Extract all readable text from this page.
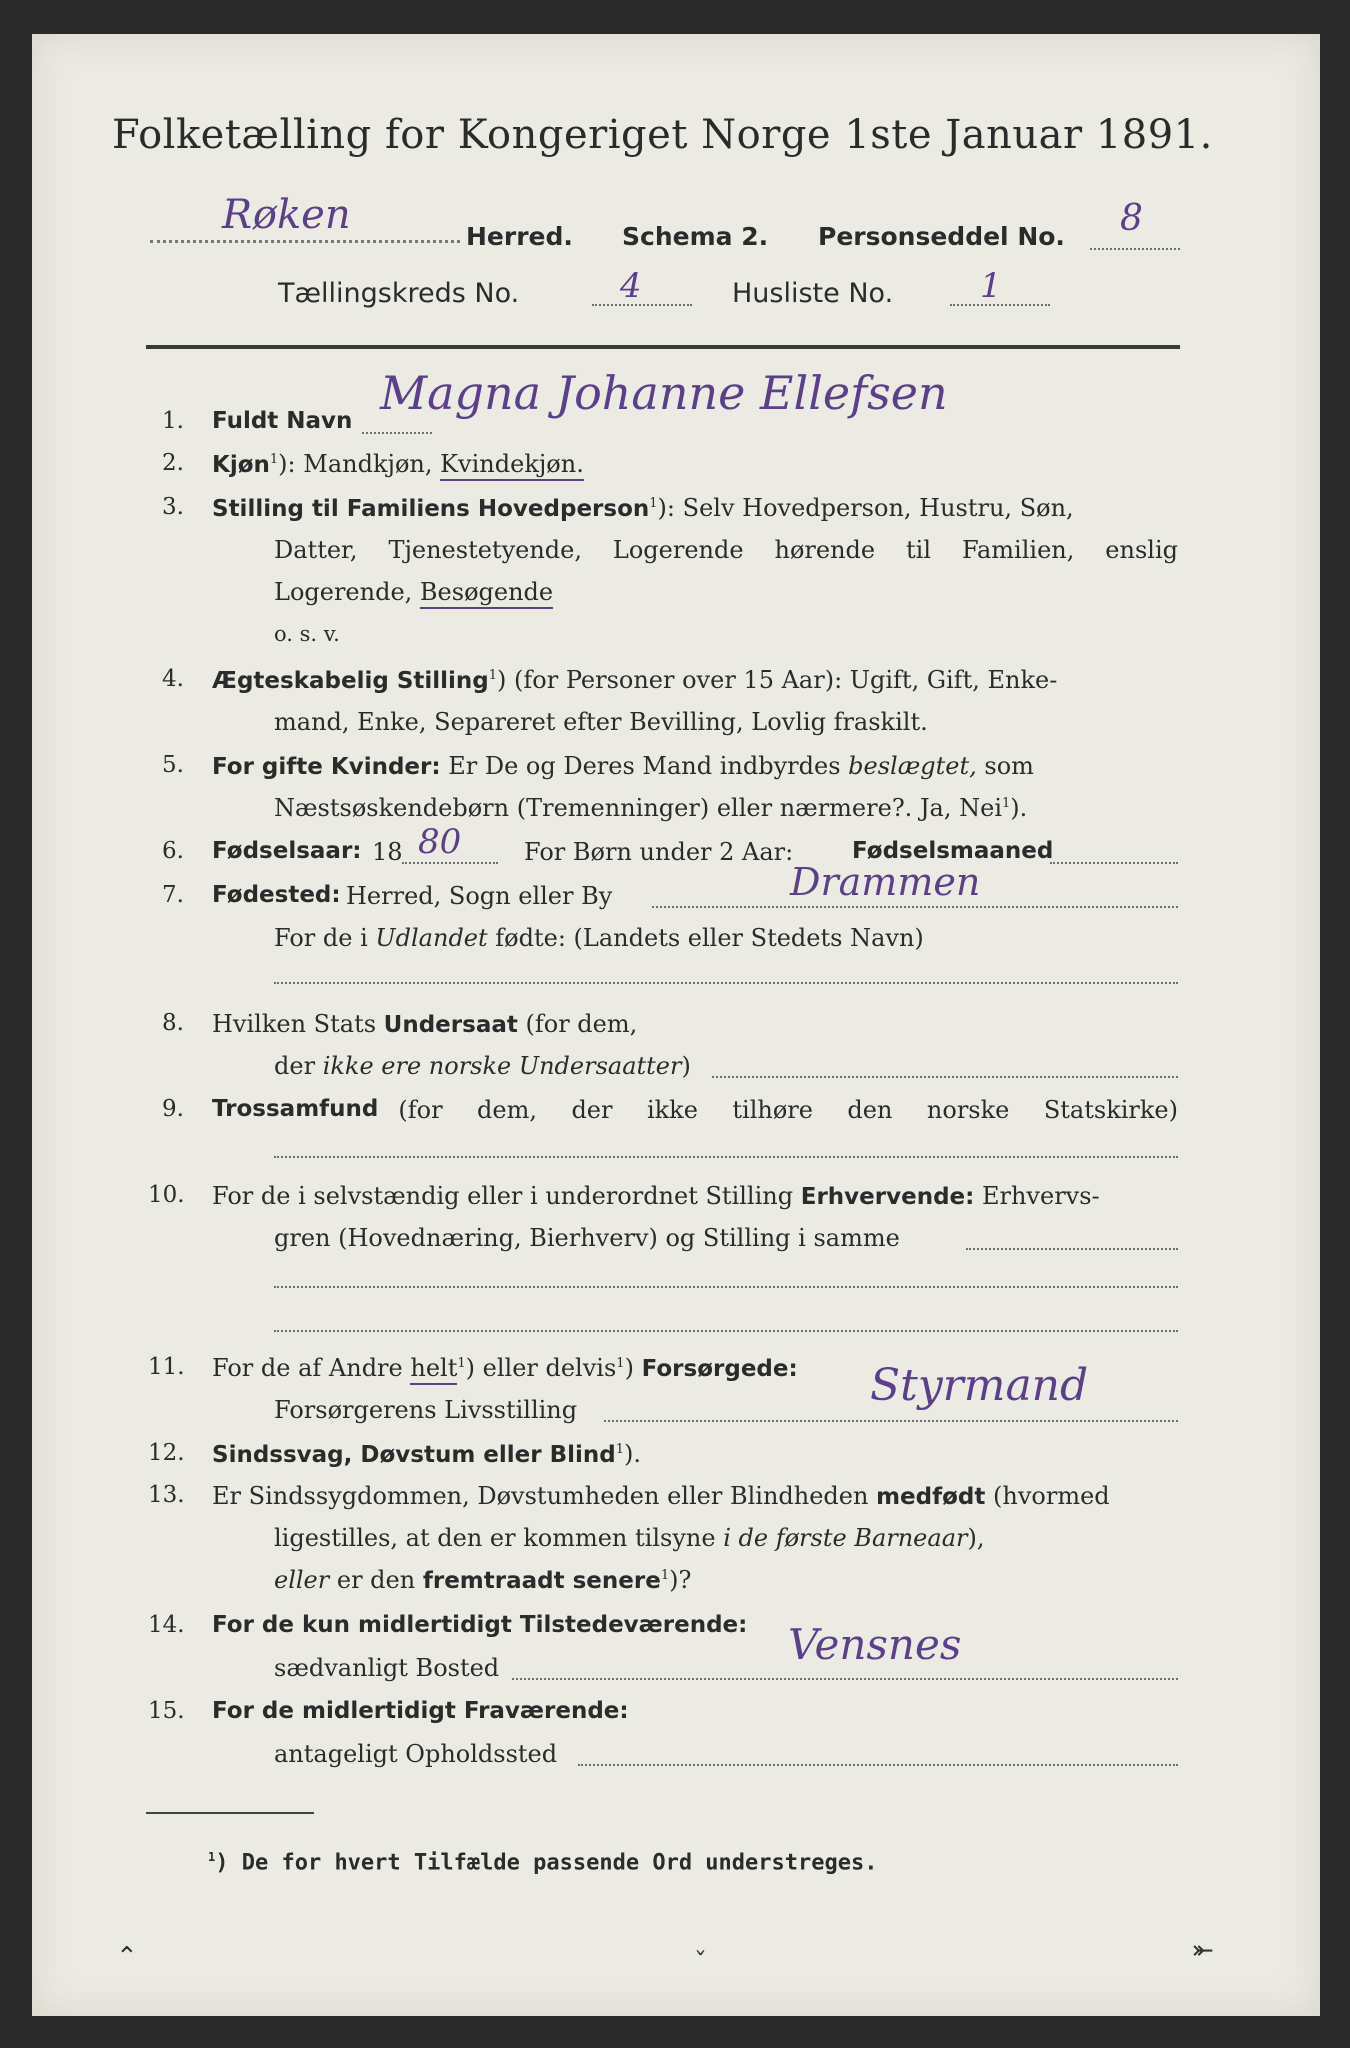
Folketælling for Kongeriget Norge 1ste Januar 1891.
Røken	Herred. Schema 2. Personseddel No. 8
Tællingskreds No.	4	Husliste No.	1
1. Fuldt Navn
Magna Johanne Ellefsen
2. Kjøn$^1$): Mandkjøn, Kvindekjøn.
3. Stilling til Familiens Hovedperson$^1$): Selv Hovedperson, Hustru, Søn,
Datter, Tjenestetyende, Logerende hørende til Familien, enslig
Logerende, Besøgende
o. s. v.
4. Ægteskabelig Stilling$^1$) (for Personer over 15 Aar): Ugift, Gift, Enke-
mand, Enke, Separeret efter Bevilling, Lovlig fraskilt.
5. For gifte Kvinder: Er De og Deres Mand indbyrdes beslægtet, som
Næstsøskendebørn (Tremenninger) eller nærmere?. Ja, Nei$^1$).
6. Fødselsaar: 18 80	For Børn under 2 Aar:	Fødselsmaaned
7. Fødested: Herred, Sogn eller By	Drammen
For de i Udlandet fødte: (Landets eller Stedets Navn)
8. Hvilken Stats Undersaat (for dem,
der ikke ere norske Undersaatter)
9. Trossamfund (for dem, der ikke tilhøre den norske Statskirke)
10. For de i selvstændig eller i underordnet Stilling Erhvervende: Erhvervs-
gren (Hovednæring, Bierhverv) og Stilling i samme
11. For de af Andre helt$^1$) eller delvis$^1$) Forsørgede:
Forsørgerens Livsstilling	Styrmand
12. Sindssvag, Døvstum eller Blind$^1$).
13. Er Sindssygdommen, Døvstumheden eller Blindheden medfødt (hvormed
ligestilles, at den er kommen tilsyne i de første Barneaar),
eller er den fremtraadt senere$^1$)?
14. For de kun midlertidigt Tilstedeværende:
sædvanligt Bosted	Vensnes
15. For de midlertidigt Fraværende:
antageligt Opholdssted
$^1$) De for hvert Tilfælde passende Ord understreges.
⌃	ˇ	⤜
